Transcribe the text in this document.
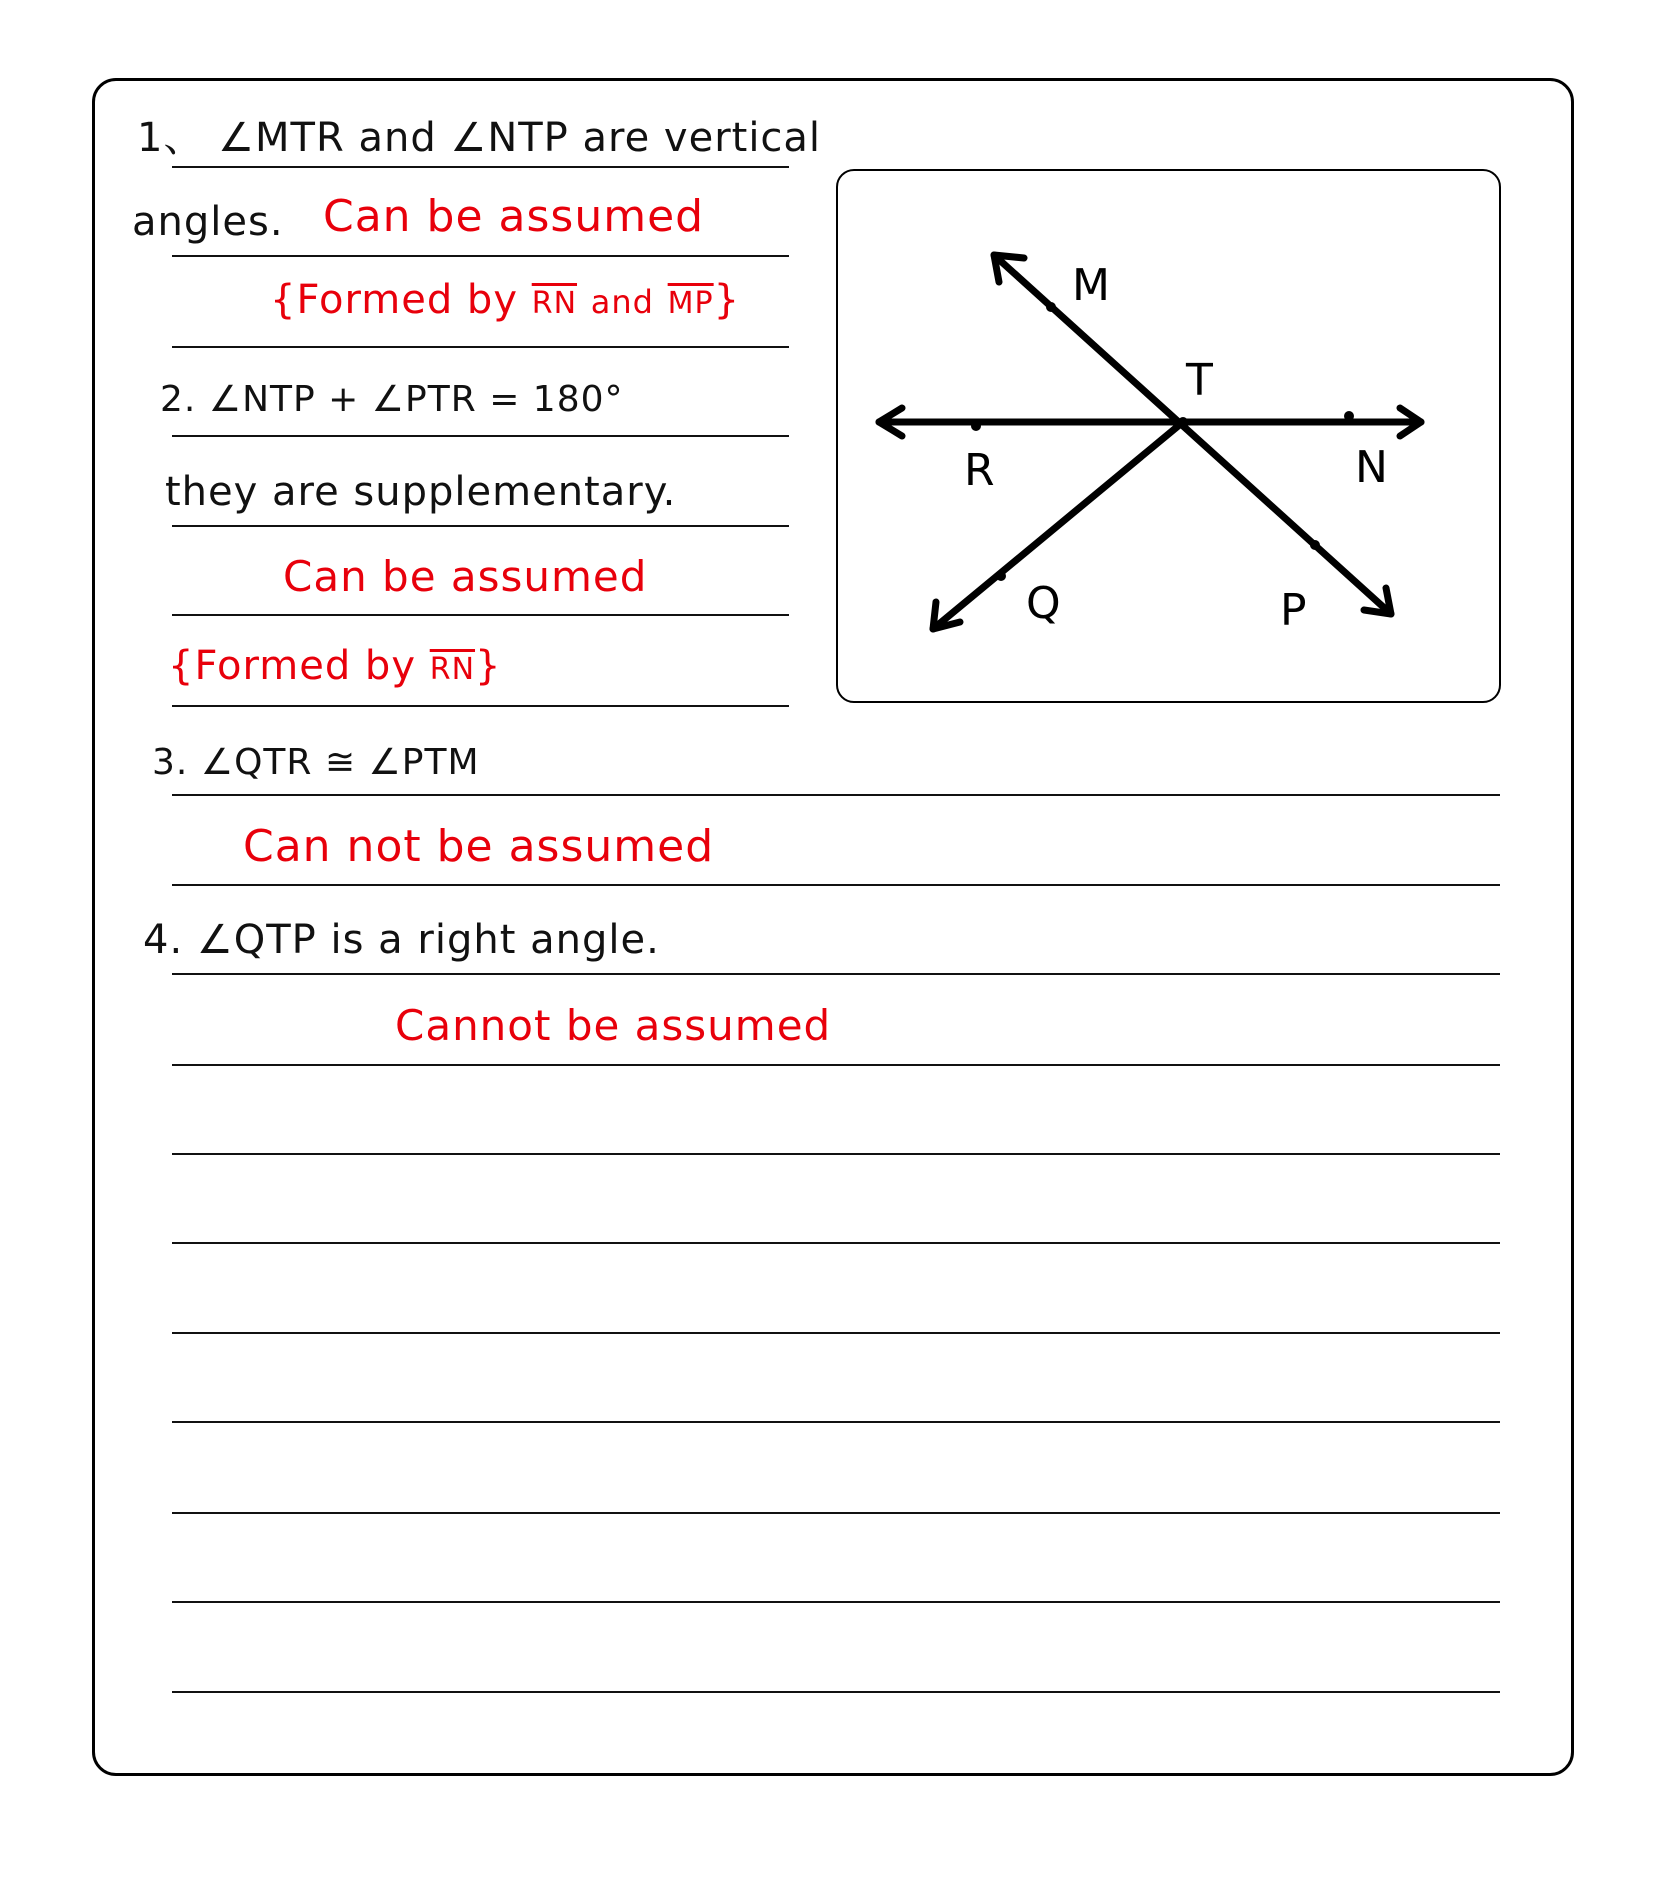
1、 ∠MTR and ∠NTP are vertical
angles. Can be assumed
{Formed by $\overline{RN}$ and $\overline{MP}$}
2. ∠NTP + ∠PTR = 180°
they are supplementary.
Can be assumed
{Formed by $\overline{RN}$}
3. ∠QTR ≅ ∠PTM
Can not be assumed
4. ∠QTP is a right angle.
Cannot be assumed
M
T
R	N
Q	P
